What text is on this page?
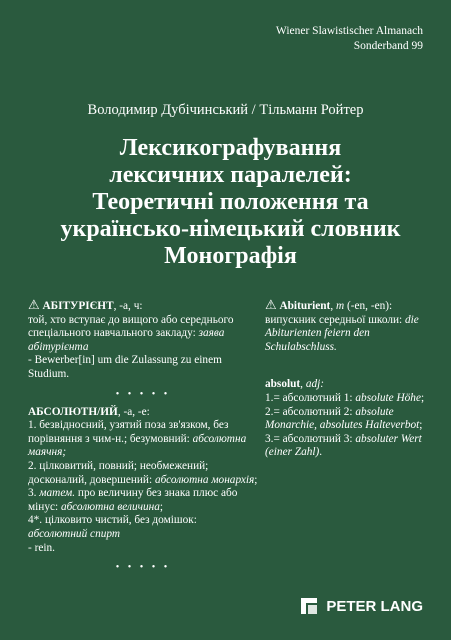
Wiener Slawistischer Almanach
Sonderband 99
Володимир Дубічинський / Тільманн Ройтер
Лексикографування
лексичних паралелей:
Теоретичні положення та
українсько-німецький словник
Монографія

⚠ АБІТУРІЄНТ, -а, ч:

той, хто вступає до вищого або середнього спеціального навчального закладу: заява абітурієнта

- Bewerber[in] um die Zulassung zu einem Studium.

• • • • •

АБСОЛЮТН/ИЙ, -а, -е:

1. безвідносний, узятий поза зв'язком, без порівняння з чим-н.; безумовний: абсолютна маячня;

2. цілковитий, повний; необмежений; досконалий, довершений: абсолютна монархія;

3. матем. про величину без знака плюс або мінус: абсолютна величина;

4*. цілковито чистий, без домішок: абсолютний спирт

- rein.

• • • • •

⚠ Abiturient, m (-en, -en):

випускник середньої школи: die Abiturienten feiern den Schulabschluss.

absolut, adj:

1.= абсолютний 1: absolute Höhe;

2.= абсолютний 2: absolute Monarchie, absolutes Halteverbot;

3.= абсолютний 3: absoluter Wert (einer Zahl).

PETER LANG
